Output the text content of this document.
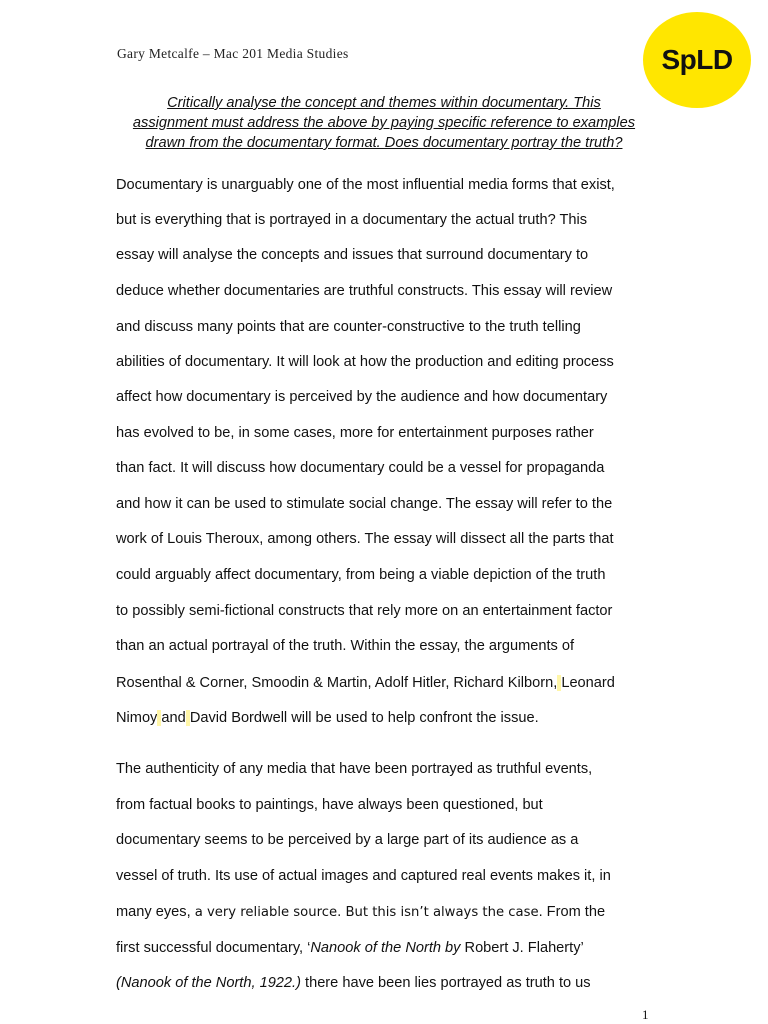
Gary Metcalfe – Mac 201 Media Studies	SpLD
Critically analyse the concept and themes within documentary. This
assignment must address the above by paying specific reference to examples
drawn from the documentary format. Does documentary portray the truth?
Documentary is unarguably one of the most influential media forms that exist,
but is everything that is portrayed in a documentary the actual truth? This
essay will analyse the concepts and issues that surround documentary to
deduce whether documentaries are truthful constructs. This essay will review
and discuss many points that are counter-constructive to the truth telling
abilities of documentary. It will look at how the production and editing process
affect how documentary is perceived by the audience and how documentary
has evolved to be, in some cases, more for entertainment purposes rather
than fact. It will discuss how documentary could be a vessel for propaganda
and how it can be used to stimulate social change. The essay will refer to the
work of Louis Theroux, among others. The essay will dissect all the parts that
could arguably affect documentary, from being a viable depiction of the truth
to possibly semi-fictional constructs that rely more on an entertainment factor
than an actual portrayal of the truth. Within the essay, the arguments of
Rosenthal & Corner, Smoodin & Martin, Adolf Hitler, Richard Kilborn, Leonard
Nimoy and David Bordwell will be used to help confront the issue.
The authenticity of any media that have been portrayed as truthful events,
from factual books to paintings, have always been questioned, but
documentary seems to be perceived by a large part of its audience as a
vessel of truth. Its use of actual images and captured real events makes it, in
many eyes, a very reliable source. But this isn’t always the case. From the
first successful documentary, ‘Nanook of the North by Robert J. Flaherty’
(Nanook of the North, 1922.) there have been lies portrayed as truth to us
1
